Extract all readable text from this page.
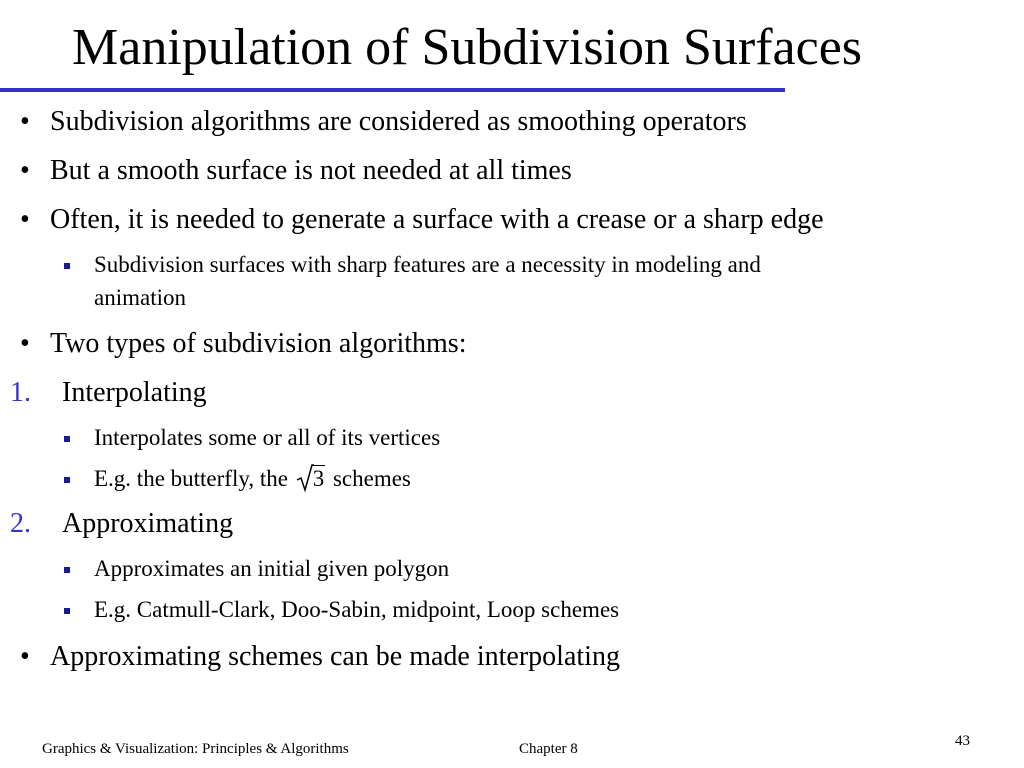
Manipulation of Subdivision Surfaces
• Subdivision algorithms are considered as smoothing operators
• But a smooth surface is not needed at all times
• Often, it is needed to generate a surface with a crease or a sharp edge
Subdivision surfaces with sharp features are a necessity in modeling and
animation
• Two types of subdivision algorithms:
1. Interpolating
Interpolates some or all of its vertices
E.g. the butterfly, the 3 schemes
2. Approximating
Approximates an initial given polygon
E.g. Catmull-Clark, Doo-Sabin, midpoint, Loop schemes
• Approximating schemes can be made interpolating
Graphics & Visualization: Principles & Algorithms	Chapter 8	43
